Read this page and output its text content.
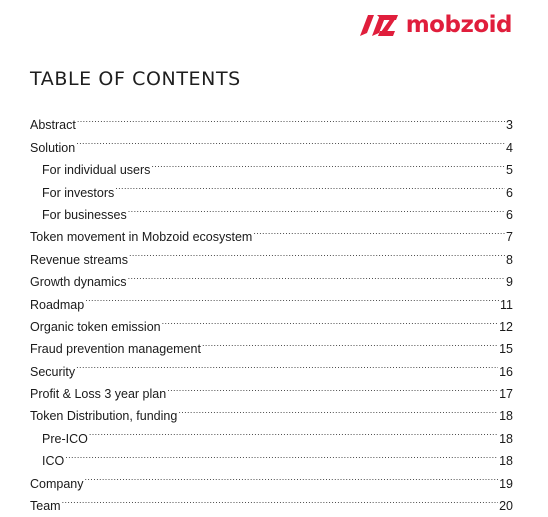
mobzoid
TABLE OF CONTENTS
Abstract .....	3
Solution .....	4
For individual users .....	5
For investors .....	6
For businesses .....	6
Token movement in Mobzoid ecosystem .....	7
Revenue streams .....	8
Growth dynamics .....	9
Roadmap .....	11
Organic token emission .....	12
Fraud prevention management .....	15
Security .....	16
Profit & Loss 3 year plan .....	17
Token Distribution, funding .....	18
Pre-ICO .....	18
ICO .....	18
Company .....	19
Team .....	20
